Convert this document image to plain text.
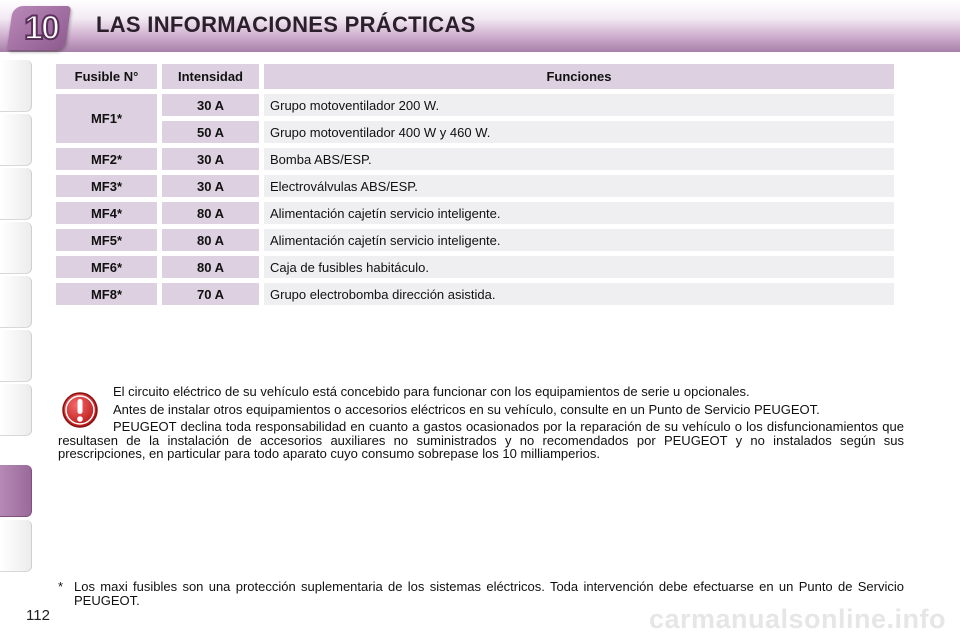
10	LAS INFORMACIONES PRÁCTICAS
Fusible N°	Intensidad	Funciones
MF1*	30 A	Grupo motoventilador 200 W.
	50 A	Grupo motoventilador 400 W y 460 W.
MF2*	30 A	Bomba ABS/ESP.
MF3*	30 A	Electroválvulas ABS/ESP.
MF4*	80 A	Alimentación cajetín servicio inteligente.
MF5*	80 A	Alimentación cajetín servicio inteligente.
MF6*	80 A	Caja de fusibles habitáculo.
MF8*	70 A	Grupo electrobomba dirección asistida.

El circuito eléctrico de su vehículo está concebido para funcionar con los equipamientos de serie u opcionales.

Antes de instalar otros equipamientos o accesorios eléctricos en su vehículo, consulte en un Punto de Servicio PEUGEOT.

PEUGEOT declina toda responsabilidad en cuanto a gastos ocasionados por la reparación de su vehículo o los disfuncionamientos que resultasen de la instalación de accesorios auxiliares no suministrados y no recomendados por PEUGEOT y no instalados según sus prescripciones, en particular para todo aparato cuyo consumo sobrepase los 10 milliamperios.

* Los maxi fusibles son una protección suplementaria de los sistemas eléctricos. Toda intervención debe efectuarse en un Punto de Servicio PEUGEOT.
112	carmanualsonline.info
